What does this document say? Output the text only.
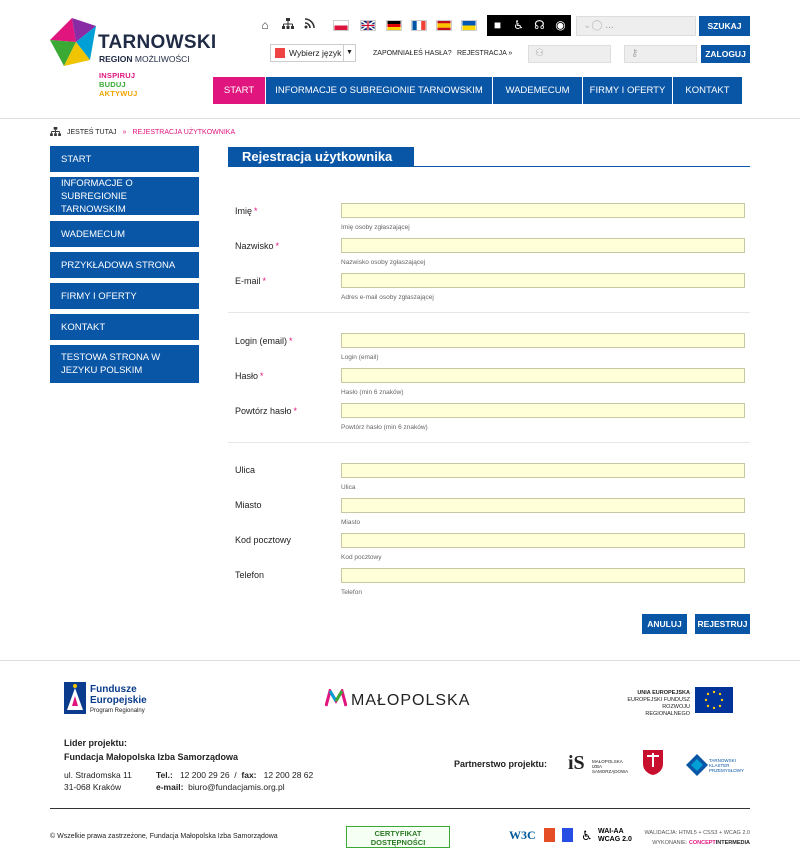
TARNOWSKI
REGION MOŻLIWOŚCI
INSPIRUJ
BUDUJ
AKTYWUJ
⌂	■ ♿ ☊ ◉	⌄◯ ...	SZUKAJ
Wybierz język ▼	ZAPOMNIAŁEŚ HASŁA? REJESTRACJA »	⚇	⚷	ZALOGUJ
START	INFORMACJE O SUBREGIONIE TARNOWSKIM	WADEMECUM	FIRMY I OFERTY	KONTAKT
JESTEŚ TUTAJ » REJESTRACJA UŻYTKOWNIKA
START
INFORMACJE O SUBREGIONIE TARNOWSKIM
WADEMECUM
PRZYKŁADOWA STRONA
FIRMY I OFERTY
KONTAKT
TESTOWA STRONA W JEZYKU POLSKIM
Rejestracja użytkownika
Imię *
Imię osoby zgłaszającej
Nazwisko *
Nazwisko osoby zgłaszającej
E-mail *
Adres e-mail osoby zgłaszającej
Login (email) *
Login (email)
Hasło *
Hasło (min 6 znaków)
Powtórz hasło *
Powtórz hasło (min 6 znaków)
Ulica
Ulica
Miasto
Miasto
Kod pocztowy
Kod pocztowy
Telefon
Telefon
ANULUJ	REJESTRUJ
Fundusze
Europejskie
Program Regionalny
MAŁOPOLSKA	UNIA EUROPEJSKA
EUROPEJSKI FUNDUSZ
ROZWOJU REGIONALNEGO
Lider projektu:
Fundacja Małopolska Izba Samorządowa
ul. Stradomska 11
31-068 Kraków
Tel.: 12 200 29 26  /  fax: 12 200 28 62
e-mail: biuro@fundacjamis.org.pl
Partnerstwo projektu: iS MAŁOPOLSKA IZBA SAMORZĄDOWA
TARNOWSKI KLASTER PRZEMYSŁOWY
© Wszelkie prawa zastrzeżone, Fundacja Małopolska Izba Samorządowa	CERTYFIKAT
DOSTĘPNOŚCI
W3C	♿ WAI-AA
WCAG 2.0
WALIDACJA: HTML5 + CSS3 + WCAG 2.0
WYKONANIE: CONCEPTINTERMEDIA
